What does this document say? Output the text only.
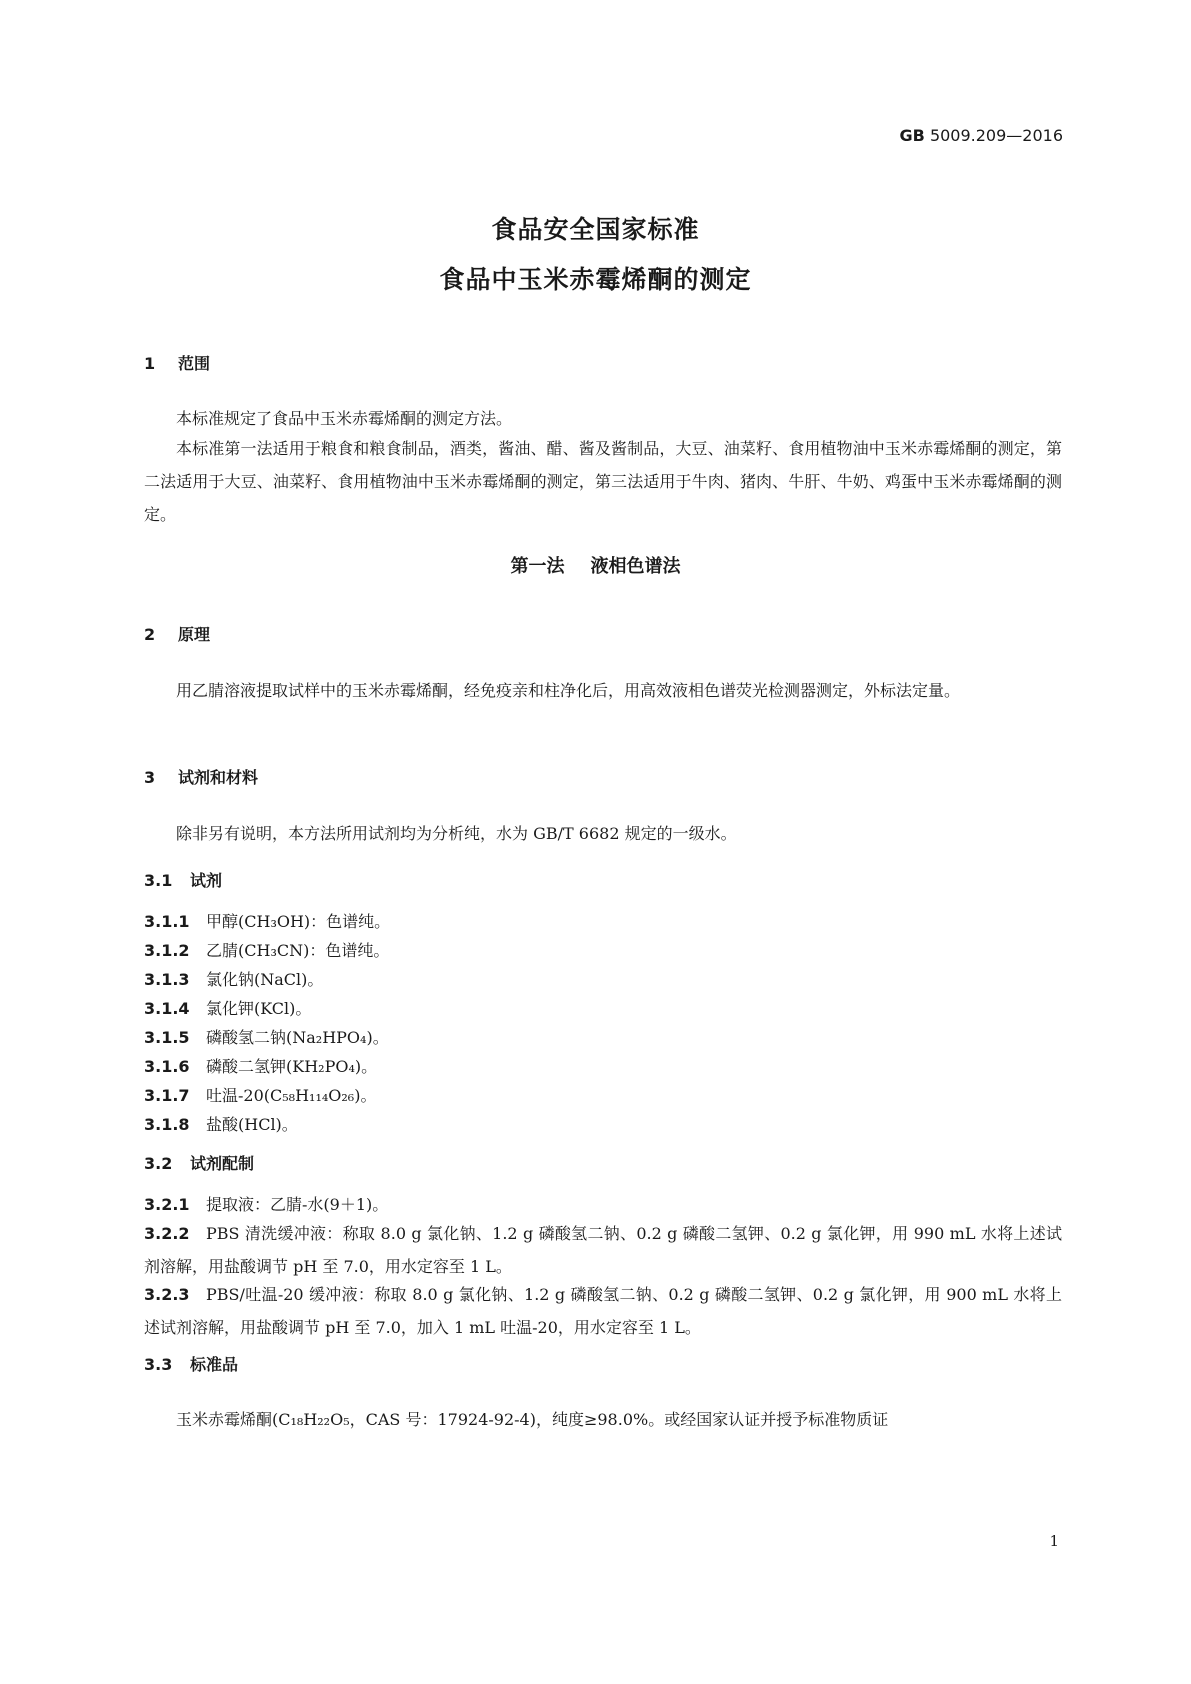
GB 5009.209—2016
食品安全国家标准
食品中玉米赤霉烯酮的测定
1 范围
本标准规定了食品中玉米赤霉烯酮的测定方法。
本标准第一法适用于粮食和粮食制品，酒类，酱油、醋、酱及酱制品，大豆、油菜籽、食用植物油中玉米赤霉烯酮的测定，第二法适用于大豆、油菜籽、食用植物油中玉米赤霉烯酮的测定，第三法适用于牛肉、猪肉、牛肝、牛奶、鸡蛋中玉米赤霉烯酮的测定。
第一法 液相色谱法
2 原理
用乙腈溶液提取试样中的玉米赤霉烯酮，经免疫亲和柱净化后，用高效液相色谱荧光检测器测定，外标法定量。
3 试剂和材料
除非另有说明，本方法所用试剂均为分析纯，水为 GB/T 6682 规定的一级水。
3.1 试剂
3.1.1 甲醇(CH₃OH)：色谱纯。
3.1.2 乙腈(CH₃CN)：色谱纯。
3.1.3 氯化钠(NaCl)。
3.1.4 氯化钾(KCl)。
3.1.5 磷酸氢二钠(Na₂HPO₄)。
3.1.6 磷酸二氢钾(KH₂PO₄)。
3.1.7 吐温-20(C₅₈H₁₁₄O₂₆)。
3.1.8 盐酸(HCl)。
3.2 试剂配制
3.2.1 提取液：乙腈-水(9＋1)。
3.2.2 PBS 清洗缓冲液：称取 8.0 g 氯化钠、1.2 g 磷酸氢二钠、0.2 g 磷酸二氢钾、0.2 g 氯化钾，用 990 mL 水将上述试剂溶解，用盐酸调节 pH 至 7.0，用水定容至 1 L。
3.2.3 PBS/吐温-20 缓冲液：称取 8.0 g 氯化钠、1.2 g 磷酸氢二钠、0.2 g 磷酸二氢钾、0.2 g 氯化钾，用 900 mL 水将上述试剂溶解，用盐酸调节 pH 至 7.0，加入 1 mL 吐温-20，用水定容至 1 L。
3.3 标准品
玉米赤霉烯酮(C₁₈H₂₂O₅，CAS 号：17924-92-4)，纯度≥98.0%。或经国家认证并授予标准物质证
1
